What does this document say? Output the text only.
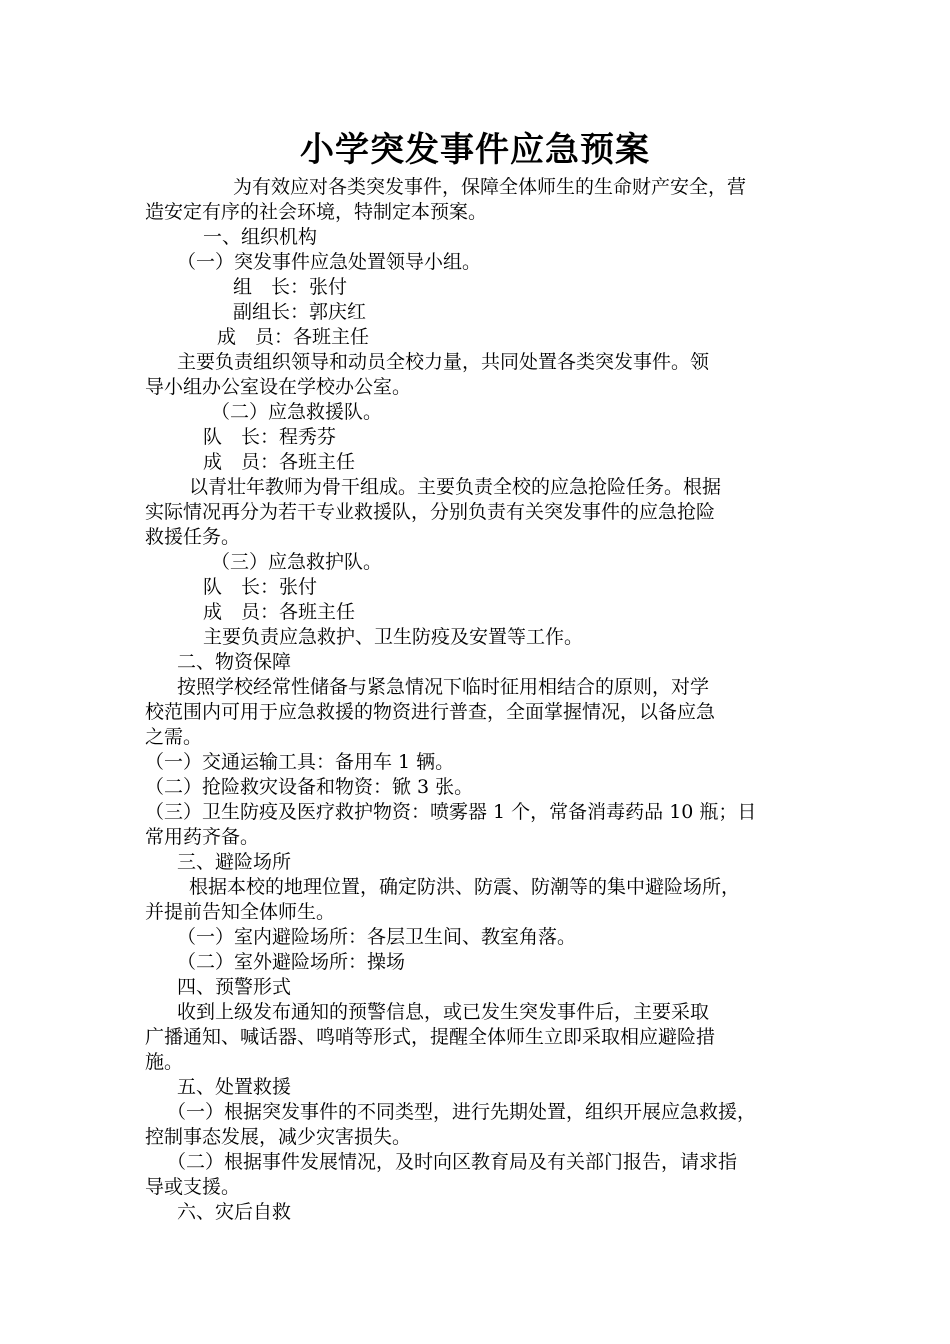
小学突发事件应急预案
为有效应对各类突发事件，保障全体师生的生命财产安全，营
造安定有序的社会环境，特制定本预案。
一、组织机构
（一）突发事件应急处置领导小组。
组　长：张付
副组长：郭庆红
成　员：各班主任
主要负责组织领导和动员全校力量，共同处置各类突发事件。领
导小组办公室设在学校办公室。
（二）应急救援队。
队　长：程秀芬
成　员：各班主任
以青壮年教师为骨干组成。主要负责全校的应急抢险任务。根据
实际情况再分为若干专业救援队，分别负责有关突发事件的应急抢险
救援任务。
（三）应急救护队。
队　长：张付
成　员：各班主任
主要负责应急救护、卫生防疫及安置等工作。
二、物资保障
按照学校经常性储备与紧急情况下临时征用相结合的原则，对学
校范围内可用于应急救援的物资进行普查，全面掌握情况，以备应急
之需。
（一）交通运输工具：备用车 1 辆。
（二）抢险救灾设备和物资：锨 3 张。
（三）卫生防疫及医疗救护物资：喷雾器 1 个，常备消毒药品 10 瓶；日
常用药齐备。
三、避险场所
根据本校的地理位置，确定防洪、防震、防潮等的集中避险场所，
并提前告知全体师生。
（一）室内避险场所：各层卫生间、教室角落。
（二）室外避险场所：操场
四、预警形式
收到上级发布通知的预警信息，或已发生突发事件后，主要采取
广播通知、喊话器、鸣哨等形式，提醒全体师生立即采取相应避险措
施。
五、处置救援
（一）根据突发事件的不同类型，进行先期处置，组织开展应急救援，
控制事态发展，减少灾害损失。
（二）根据事件发展情况，及时向区教育局及有关部门报告，请求指
导或支援。
六、灾后自救
